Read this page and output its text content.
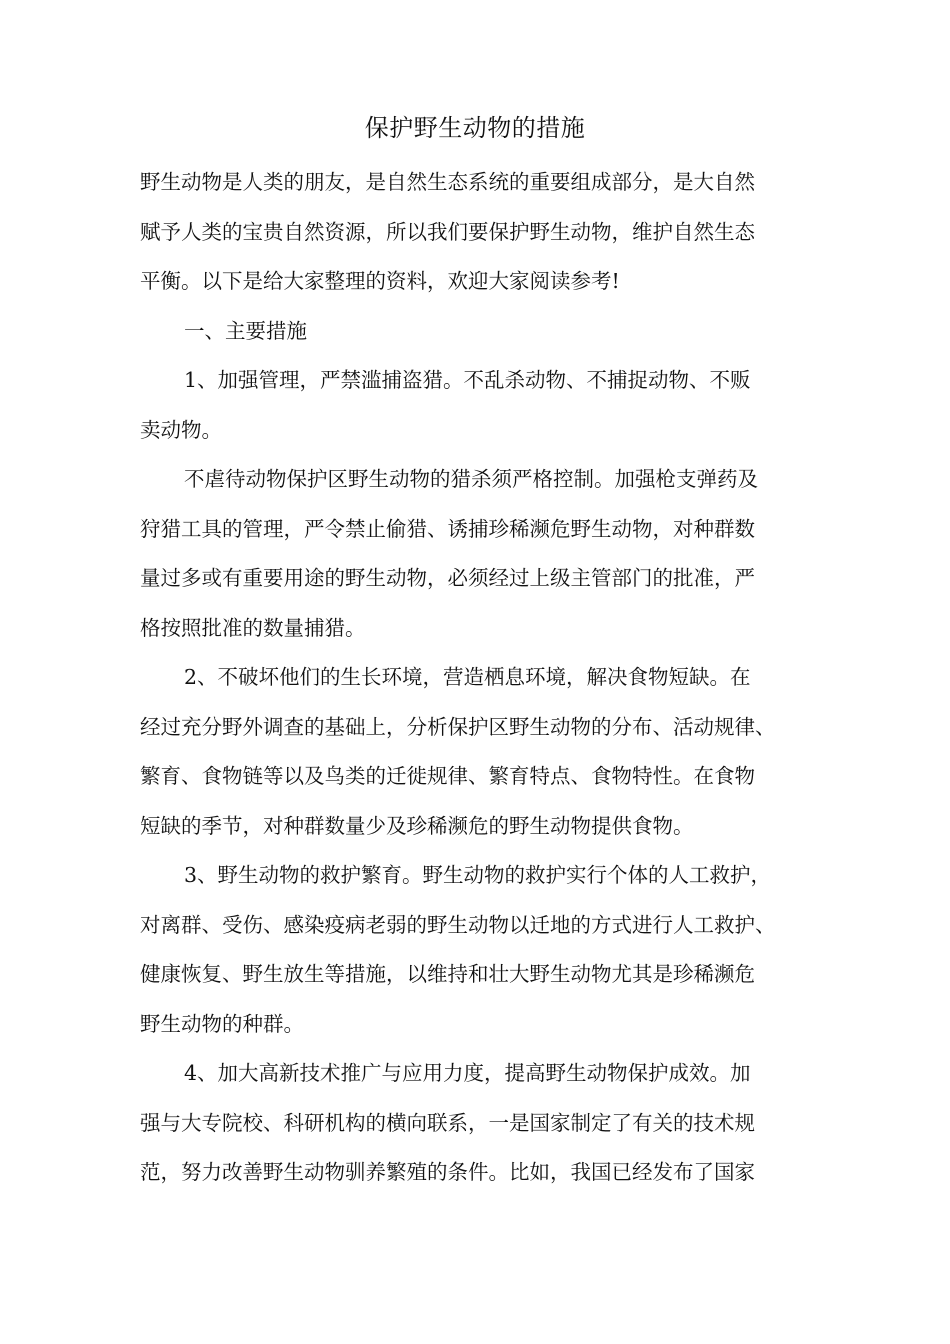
保护野生动物的措施
野生动物是人类的朋友，是自然生态系统的重要组成部分，是大自然
赋予人类的宝贵自然资源，所以我们要保护野生动物，维护自然生态
平衡。以下是给大家整理的资料，欢迎大家阅读参考!
一、主要措施
1、加强管理，严禁滥捕盗猎。不乱杀动物、不捕捉动物、不贩
卖动物。
不虐待动物保护区野生动物的猎杀须严格控制。加强枪支弹药及
狩猎工具的管理，严令禁止偷猎、诱捕珍稀濒危野生动物，对种群数
量过多或有重要用途的野生动物，必须经过上级主管部门的批准，严
格按照批准的数量捕猎。
2、不破坏他们的生长环境，营造栖息环境，解决食物短缺。在
经过充分野外调查的基础上，分析保护区野生动物的分布、活动规律、
繁育、食物链等以及鸟类的迁徙规律、繁育特点、食物特性。在食物
短缺的季节，对种群数量少及珍稀濒危的野生动物提供食物。
3、野生动物的救护繁育。野生动物的救护实行个体的人工救护，
对离群、受伤、感染疫病老弱的野生动物以迁地的方式进行人工救护、
健康恢复、野生放生等措施，以维持和壮大野生动物尤其是珍稀濒危
野生动物的种群。
4、加大高新技术推广与应用力度，提高野生动物保护成效。加
强与大专院校、科研机构的横向联系，一是国家制定了有关的技术规
范，努力改善野生动物驯养繁殖的条件。比如，我国已经发布了国家
